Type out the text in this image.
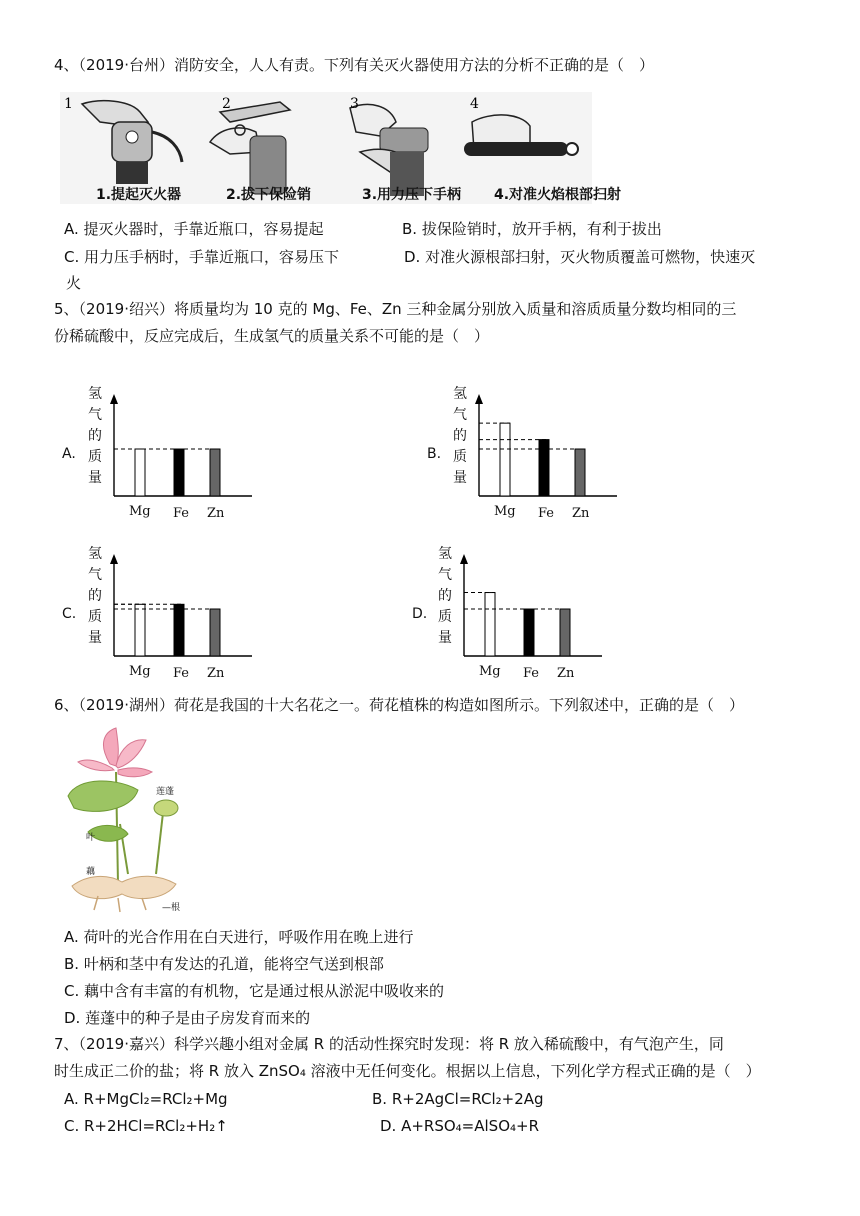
4、（2019·台州）消防安全，人人有责。下列有关灭火器使用方法的分析不正确的是（　）
1	2	3	4
1.提起灭火器	2.拔下保险销	3.用力压下手柄 4.对准火焰根部扫射
A. 提灭火器时，手靠近瓶口，容易提起	B. 拔保险销时，放开手柄，有利于拔出
C. 用力压手柄时，手靠近瓶口，容易压下	D. 对准火源根部扫射，灭火物质覆盖可燃物，快速灭
火
5、（2019·绍兴）将质量均为 10 克的 Mg、Fe、Zn 三种金属分别放入质量和溶质质量分数均相同的三
份稀硫酸中，反应完成后，生成氢气的质量关系不可能的是（　）
A.
氢
气
的
质
量
Mg Fe Zn
B.
氢
气
的
质
量
Mg Fe Zn
C.
氢
气
的
质
量
Mg Fe Zn
D.
氢
气
的
质
量
Mg Fe Zn
6、（2019·湖州）荷花是我国的十大名花之一。荷花植株的构造如图所示。下列叙述中，正确的是（　）
莲蓬
叶
藕
—根
A. 荷叶的光合作用在白天进行，呼吸作用在晚上进行
B. 叶柄和茎中有发达的孔道，能将空气送到根部
C. 藕中含有丰富的有机物，它是通过根从淤泥中吸收来的
D. 莲蓬中的种子是由子房发育而来的
7、（2019·嘉兴）科学兴趣小组对金属 R 的活动性探究时发现：将 R 放入稀硫酸中，有气泡产生，同
时生成正二价的盐；将 R 放入 ZnSO₄ 溶液中无任何变化。根据以上信息，下列化学方程式正确的是（　）
A. R+MgCl₂=RCl₂+Mg	B. R+2AgCl=RCl₂+2Ag
C. R+2HCl=RCl₂+H₂↑	D. A+RSO₄=AlSO₄+R
